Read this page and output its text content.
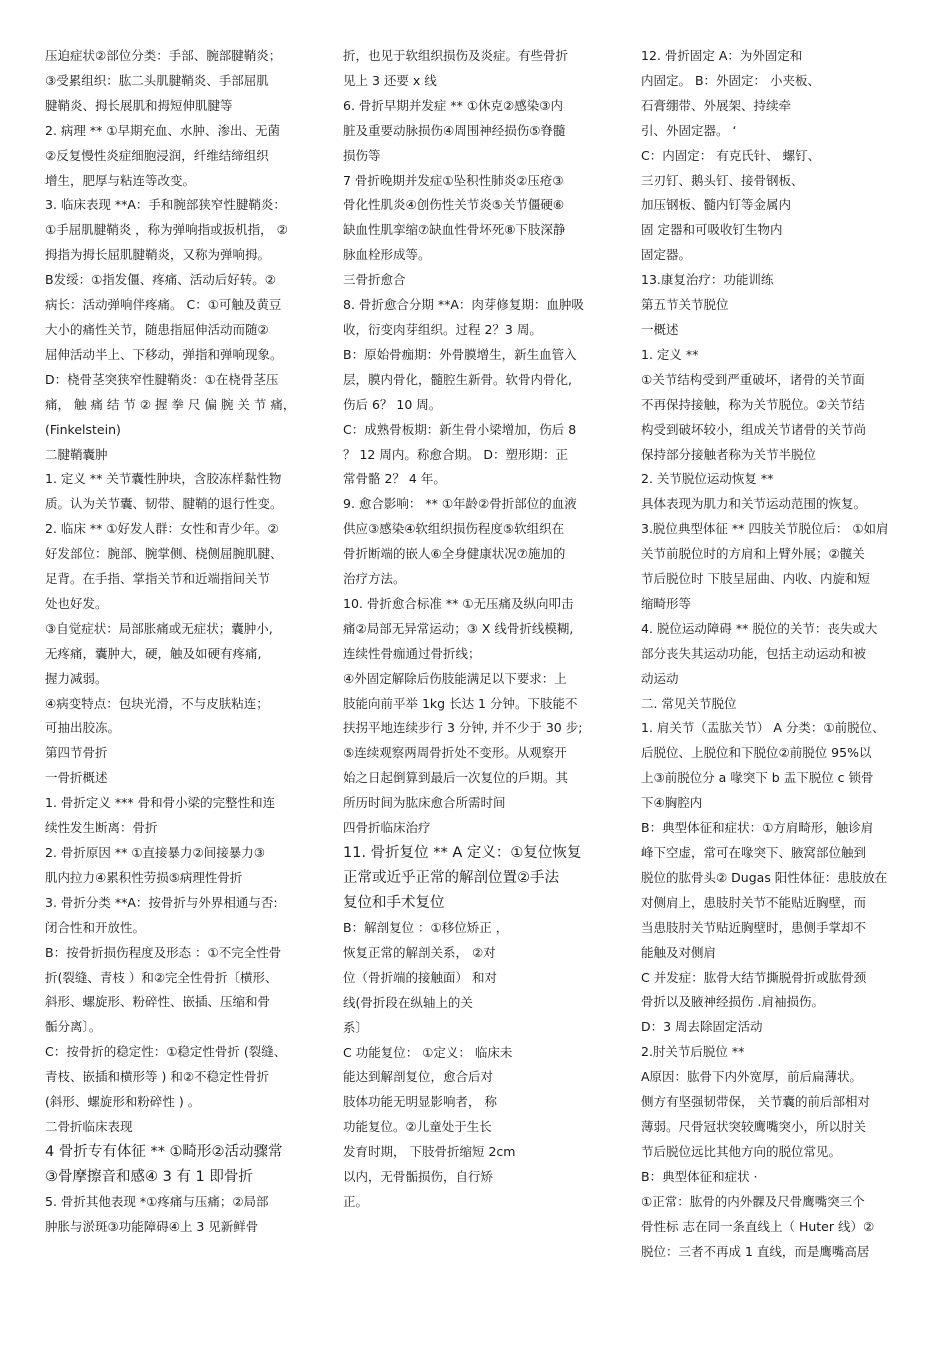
压迫症状②部位分类：手部、腕部腱鞘炎；

③受累组织：肱二头肌腱鞘炎、手部屈肌

腱鞘炎、拇长展肌和拇短伸肌腱等

2. 病理 ** ①早期充血、水肿、渗出、无菌

②反复慢性炎症细胞浸润，纤维结缔组织

增生，肥厚与粘连等改变。

3. 临床表现 **A：手和腕部狭窄性腱鞘炎：

①手屈肌腱鞘炎 ，称为弹响指或扳机指， ②

拇指为拇长屈肌腱鞘炎，又称为弹响拇。

B发绥：①指发僵、疼痛、活动后好转。②

病长：活动弹响伴疼痛。 C：①可触及黄豆

大小的痛性关节，随患指屈伸活动而随②

屈伸活动半上、下移动，弹指和弹响现象。

D：桡骨茎突狭窄性腱鞘炎：①在桡骨茎压

痛， 触 痛 结 节 ② 握 拳 尺 偏 腕 关 节 痛，

(Finkelstein)

二腱鞘囊肿

1. 定义 ** 关节囊性肿块，含胶冻样黏性物

质。认为关节囊、韧带、腱鞘的退行性变。

2. 临床 ** ①好发人群：女性和青少年。②

好发部位：腕部、腕掌侧、桡侧屈腕肌腱、

足背。在手指、掌指关节和近端指间关节

处也好发。

③自觉症状：局部胀痛或无症状；囊肿小,

无疼痛，囊肿大，硬，触及如硬有疼痛,

握力减弱。

④病变特点：包块光滑，不与皮肤粘连；

可抽出胶冻。

第四节骨折

一骨折概述

1. 骨折定义 *** 骨和骨小梁的完整性和连

续性发生断离：骨折

2. 骨折原因 ** ①直接暴力②间接暴力③

肌内拉力④累积性劳损⑤病理性骨折

3. 骨折分类 **A：按骨折与外界相通与否:

闭合性和开放性。

B：按骨折损伤程度及形态 ：①不完全性骨

折(裂缝、青枝 ）和②完全性骨折〔横形、

斜形、螺旋形、粉碎性、嵌插、压缩和骨

骺分离〕。

C：按骨折的稳定性：①稳定性骨折 (裂缝、

青枝、嵌插和横形等 ) 和②不稳定性骨折

(斜形、螺旋形和粉碎性 ) 。

二骨折临床表现

4 骨折专有体征 ** ①畸形②活动骤常

③骨摩擦音和感④ 3 有 1 即骨折

5. 骨折其他表现 *①疼痛与压痛；②局部

肿胀与淤斑③功能障碍④上 3 见新鲜骨

折，也见于软组织损伤及炎症。有些骨折

见上 3 还要 x 线

6. 骨折早期并发症 ** ①休克②感染③内

脏及重要动脉损伤④周围神经损伤⑤脊髓

损伤等

7 骨折晚期并发症①坠积性肺炎②压疮③

骨化性肌炎④创伤性关节炎⑤关节僵硬⑥

缺血性肌挛缩⑦缺血性骨坏死⑧下肢深静

脉血栓形成等。

三骨折愈合

8. 骨折愈合分期 **A：肉芽修复期：血肿吸

收，衍变肉芽组织。过程 2？3 周。

B：原始骨痂期：外骨膜增生，新生血管入

层，膜内骨化，髓腔生新骨。软骨内骨化,

伤后 6？ 10 周。

C：成熟骨板期：新生骨小梁增加，伤后 8

？ 12 周内。称愈合期。 D：塑形期：正

常骨骼 2？ 4 年。

9. 愈合影响： ** ①年龄②骨折部位的血液

供应③感染④软组织损伤程度⑤软组织在

骨折断端的嵌人⑥全身健康状况⑦施加的

治疗方法。

10. 骨折愈合标准 ** ①无压痛及纵向叩击

痛②局部无异常运动；③ X 线骨折线模糊,

连续性骨痂通过骨折线；

④外固定解除后伤肢能满足以下要求：上

肢能向前平举 1kg 长达 1 分钟。下肢能不

扶拐平地连续步行 3 分钟, 并不少于 30 步;

⑤连续观察两周骨折处不变形。从观察开

始之日起倒算到最后一次复位的戶期。其

所历时间为肱床愈合所需时间

四骨折临床治疗

11. 骨折复位 ** A 定义：①复位恢复

正常或近乎正常的解剖位置②手法

复位和手术复位

B：解剖复位 ：①移位矫正 ，

恢复正常的解剖关系， ②对

位（骨折端的接触面） 和对

线(骨折段在纵轴上的关

系〕

C 功能复位： ①定义： 临床未

能达到解剖复位，愈合后对

肢体功能无明显影响者， 称

功能复位。②儿童处于生长

发育时期， 下肢骨折缩短 2cm

以内，无骨骺损伤，自行矫

正。

12. 骨折固定 A：为外固定和

内固定。 B：外固定： 小夹板、

石膏绷带、外展架、持续牵

引、外固定器。 ‘

C：内固定： 有克氏针、 螺钉、

三刃钉、鹅头钉、接骨钢板、

加压钢板、髓内钉等金属内

固 定器和可吸收钉生物内

固定器。

13.康复治疗：功能训练

第五节关节脱位

一概述

1. 定义 **

①关节结构受到严重破坏，诸骨的关节面

不再保持接触，称为关节脱位。②关节结

构受到破坏较小，组成关节诸骨的关节尚

保持部分接触者称为关节半脱位

2. 关节脱位运动恢复 **

具体表现为肌力和关节运动范围的恢复。

3.脱位典型体征 ** 四肢关节脱位后： ①如肩

关节前脱位时的方肩和上臂外展；②髋关

节后脱位时 下肢呈屈曲、内收、内旋和短

缩畸形等

4. 脱位运动障碍 ** 脱位的关节：丧失或大

部分丧失其运动功能，包括主动运动和被

动运动

二. 常见关节脱位

1. 肩关节（盂肱关节） A 分类：①前脱位、

后脱位、上脱位和下脱位②前脱位 95%以

上③前脱位分 a 喙突下 b 盂下脱位 c 锁骨

下④胸腔内

B：典型体征和症状：①方肩畸形，触诊肩

峰下空虚，常可在喙突下、腋窝部位触到

脱位的肱骨头② Dugas 阳性体征：患肢放在

对侧肩上，患肢肘关节不能贴近胸壁，而

当患肢肘关节贴近胸壁时，患侧手掌却不

能触及对侧肩

C 并发症：肱骨大结节撕脱骨折或肱骨颈

骨折以及腋神经损伤 .肩袖损伤。

D：3 周去除固定活动

2.肘关节后脱位 **

A原因：肱骨下内外宽厚，前后扁薄状。

侧方有坚强韧带保， 关节囊的前后部相对

薄弱。尺骨冠状突较鹰嘴突小，所以肘关

节后脱位远比其他方向的脱位常见。

B：典型体征和症状 ·

①正常：肱骨的内外髁及尺骨鹰嘴突三个

骨性标 志在同一条直线上（ Huter 线）②

脱位：三者不再成 1 直线，而是鹰嘴高居
